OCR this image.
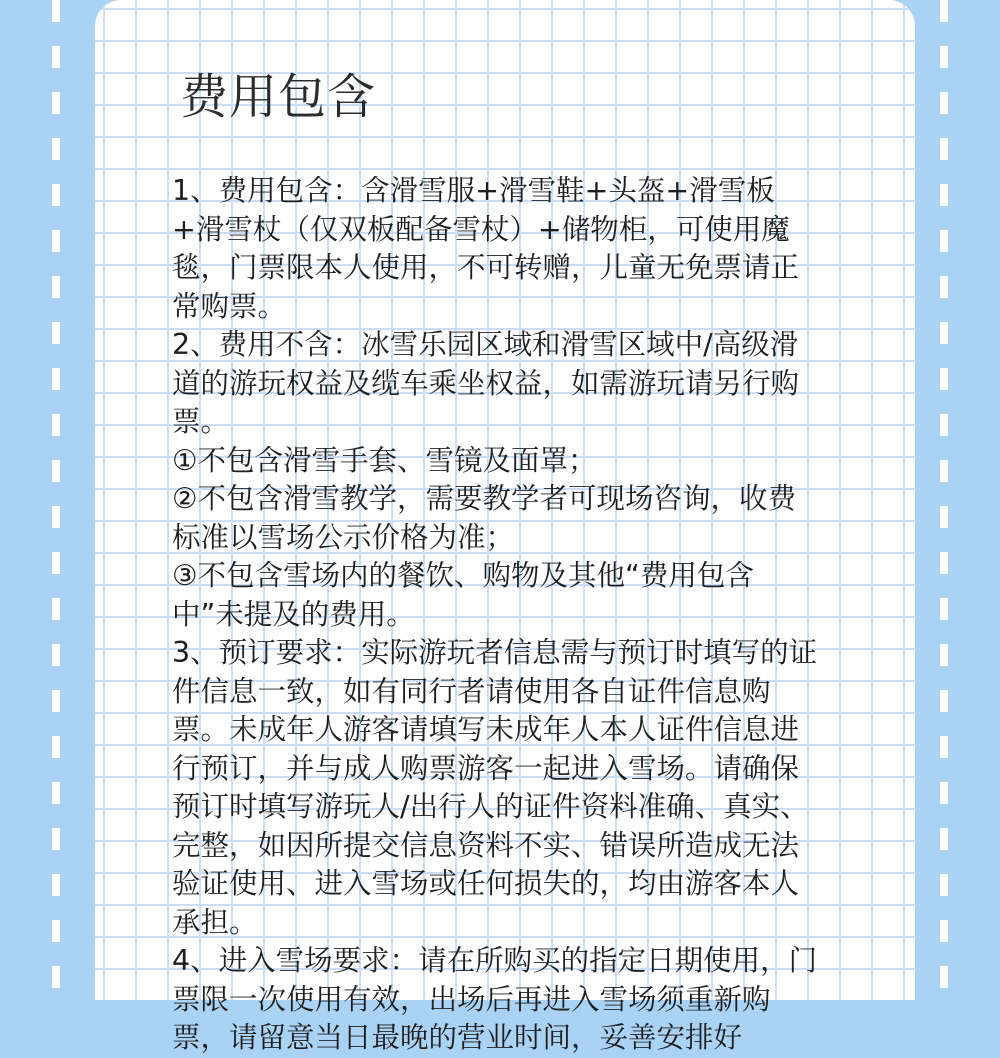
费用包含

1、费用包含：含滑雪服+滑雪鞋+头盔+滑雪板+滑雪杖（仅双板配备雪杖）+储物柜，可使用魔毯，门票限本人使用，不可转赠，儿童无免票请正常购票。

2、费用不含：冰雪乐园区域和滑雪区域中/高级滑道的游玩权益及缆车乘坐权益，如需游玩请另行购票。

①不包含滑雪手套、雪镜及面罩；

②不包含滑雪教学，需要教学者可现场咨询，收费标准以雪场公示价格为准；

③不包含雪场内的餐饮、购物及其他“费用包含中”未提及的费用。

3、预订要求：实际游玩者信息需与预订时填写的证件信息一致，如有同行者请使用各自证件信息购票。未成年人游客请填写未成年人本人证件信息进行预订，并与成人购票游客一起进入雪场。请确保预订时填写游玩人/出行人的证件资料准确、真实、完整，如因所提交信息资料不实、错误所造成无法验证使用、进入雪场或任何损失的，均由游客本人承担。

4、进入雪场要求：请在所购买的指定日期使用，门票限一次使用有效，出场后再进入雪场须重新购票，请留意当日最晚的营业时间，妥善安排好
